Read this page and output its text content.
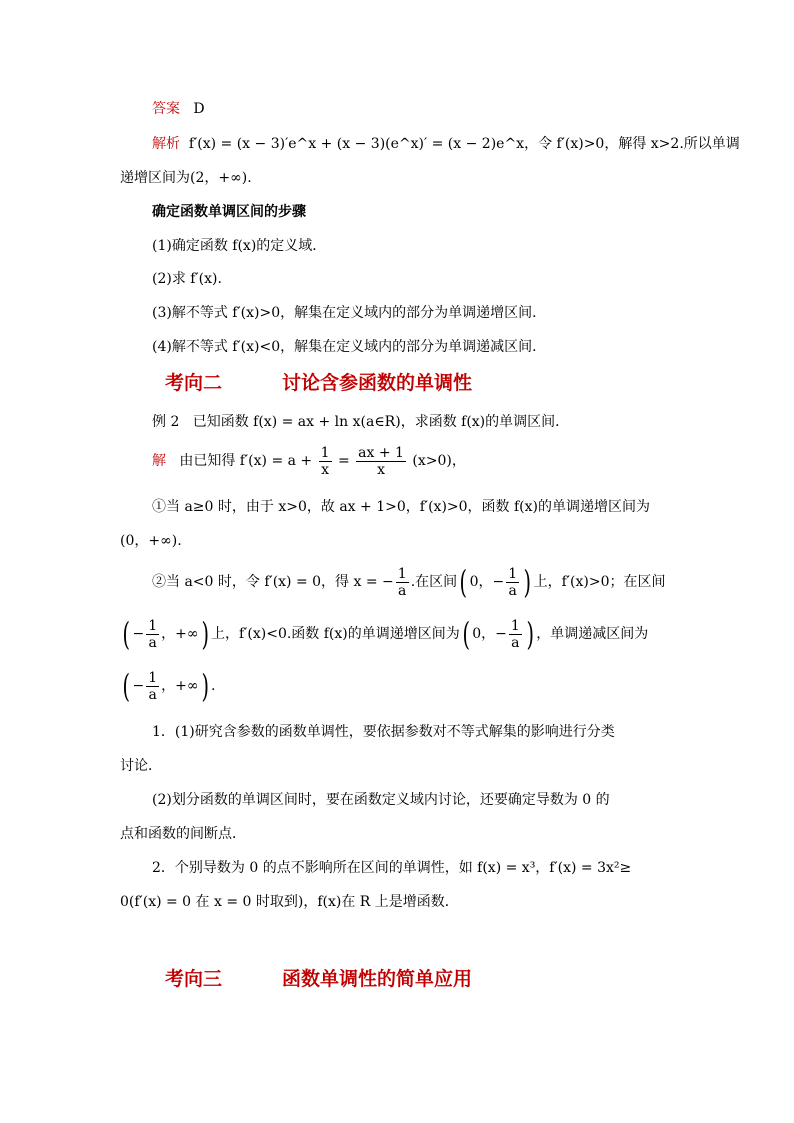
答案 D
解析 f′(x) = (x − 3)′e^x + (x − 3)(e^x)′ = (x − 2)e^x，令 f′(x)>0，解得 x>2.所以单调
递增区间为(2，+∞).
确定函数单调区间的步骤
(1)确定函数 f(x)的定义域．
(2)求 f′(x).
(3)解不等式 f′(x)>0，解集在定义域内的部分为单调递增区间．
(4)解不等式 f′(x)<0，解集在定义域内的部分为单调递减区间．
考向二	讨论含参函数的单调性
例 2 已知函数 f(x) = ax + ln x(a∈R)，求函数 f(x)的单调区间．
解 由已知得 $f'(x) = a + \frac{1}{x} = \frac{ax + 1}{x} (x>0)$，
①当 a≥0 时，由于 x>0，故 ax + 1>0，f′(x)>0，函数 f(x)的单调递增区间为
(0，+∞).
②当 a<0 时，令 f′(x) = 0，得 x = − $\frac{1}{a}$ .在区间( 0，− $\frac{1}{a}$ ) 上，f′(x)>0；在区间
( − $\frac{1}{a}$ ，+∞) 上，f′(x)<0.函数 f(x)的单调递增区间为( 0，− $\frac{1}{a}$ ) ，单调递减区间为
( − $\frac{1}{a}$ ，+∞) .
1．(1)研究含参数的函数单调性，要依据参数对不等式解集的影响进行分类
讨论．
(2)划分函数的单调区间时，要在函数定义域内讨论，还要确定导数为 0 的
点和函数的间断点．
2．个别导数为 0 的点不影响所在区间的单调性，如 f(x) = x³，f′(x) = 3x²≥
0(f′(x) = 0 在 x = 0 时取到)，f(x)在 R 上是增函数．
考向三	函数单调性的简单应用
